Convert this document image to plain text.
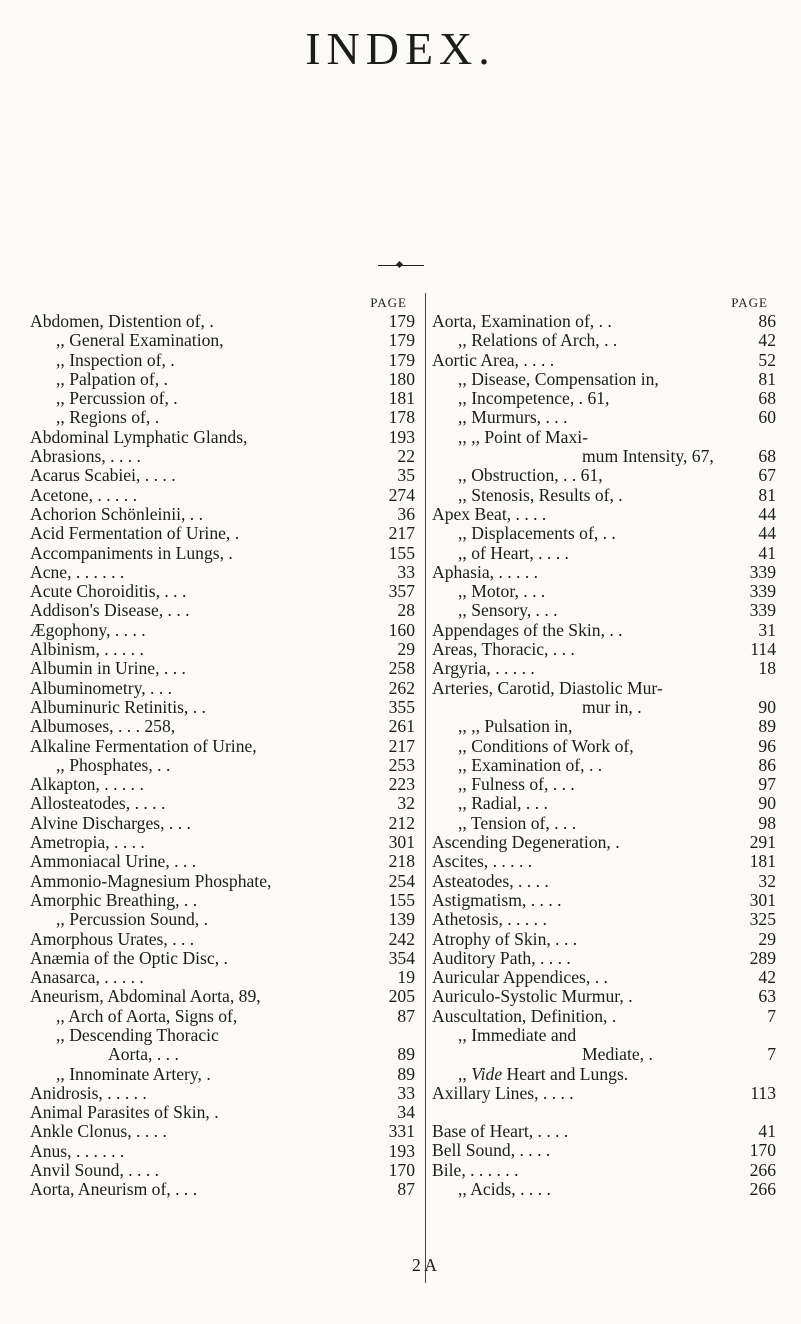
INDEX.
PAGE
Abdomen, Distention of, .	179
,, General Examination,	179
,, Inspection of, .	179
,, Palpation of, .	180
,, Percussion of, .	181
,, Regions of, .	178
Abdominal Lymphatic Glands,	193
Abrasions, . . . .	22
Acarus Scabiei, . . . .	35
Acetone, . . . . .	274
Achorion Schönleinii, . .	36
Acid Fermentation of Urine, .	217
Accompaniments in Lungs, .	155
Acne, . . . . . .	33
Acute Choroiditis, . . .	357
Addison's Disease, . . .	28
Ægophony, . . . .	160
Albinism, . . . . .	29
Albumin in Urine, . . .	258
Albuminometry, . . .	262
Albuminuric Retinitis, . .	355
Albumoses, . . . 258,	261
Alkaline Fermentation of Urine,	217
,, Phosphates, . .	253
Alkapton, . . . . .	223
Allosteatodes, . . . .	32
Alvine Discharges, . . .	212
Ametropia, . . . .	301
Ammoniacal Urine, . . .	218
Ammonio-Magnesium Phosphate,	254
Amorphic Breathing, . .	155
,, Percussion Sound, .	139
Amorphous Urates, . . .	242
Anæmia of the Optic Disc, .	354
Anasarca, . . . . .	19
Aneurism, Abdominal Aorta, 89,	205
,, Arch of Aorta, Signs of,	87
,, Descending Thoracic
Aorta, . . .	89
,, Innominate Artery, .	89
Anidrosis, . . . . .	33
Animal Parasites of Skin, .	34
Ankle Clonus, . . . .	331
Anus, . . . . . .	193
Anvil Sound, . . . .	170
Aorta, Aneurism of, . . .	87
PAGE
Aorta, Examination of, . .	86
,, Relations of Arch, . .	42
Aortic Area, . . . .	52
,, Disease, Compensation in,	81
,, Incompetence, . 61,	68
,, Murmurs, . . .	60
,, ,, Point of Maxi-
mum Intensity, 67,	68
,, Obstruction, . . 61,	67
,, Stenosis, Results of, .	81
Apex Beat, . . . .	44
,, Displacements of, . .	44
,, of Heart, . . . .	41
Aphasia, . . . . .	339
,, Motor, . . .	339
,, Sensory, . . .	339
Appendages of the Skin, . .	31
Areas, Thoracic, . . .	114
Argyria, . . . . .	18
Arteries, Carotid, Diastolic Mur-
mur in, .	90
,, ,, Pulsation in,	89
,, Conditions of Work of,	96
,, Examination of, . .	86
,, Fulness of, . . .	97
,, Radial, . . .	90
,, Tension of, . . .	98
Ascending Degeneration, .	291
Ascites, . . . . .	181
Asteatodes, . . . .	32
Astigmatism, . . . .	301
Athetosis, . . . . .	325
Atrophy of Skin, . . .	29
Auditory Path, . . . .	289
Auricular Appendices, . .	42
Auriculo-Systolic Murmur, .	63
Auscultation, Definition, .	7
,, Immediate and
Mediate, .	7
,, Vide Heart and Lungs.
Axillary Lines, . . . .	113
Base of Heart, . . . .	41
Bell Sound, . . . .	170
Bile, . . . . . .	266
,, Acids, . . . .	266
2 A
